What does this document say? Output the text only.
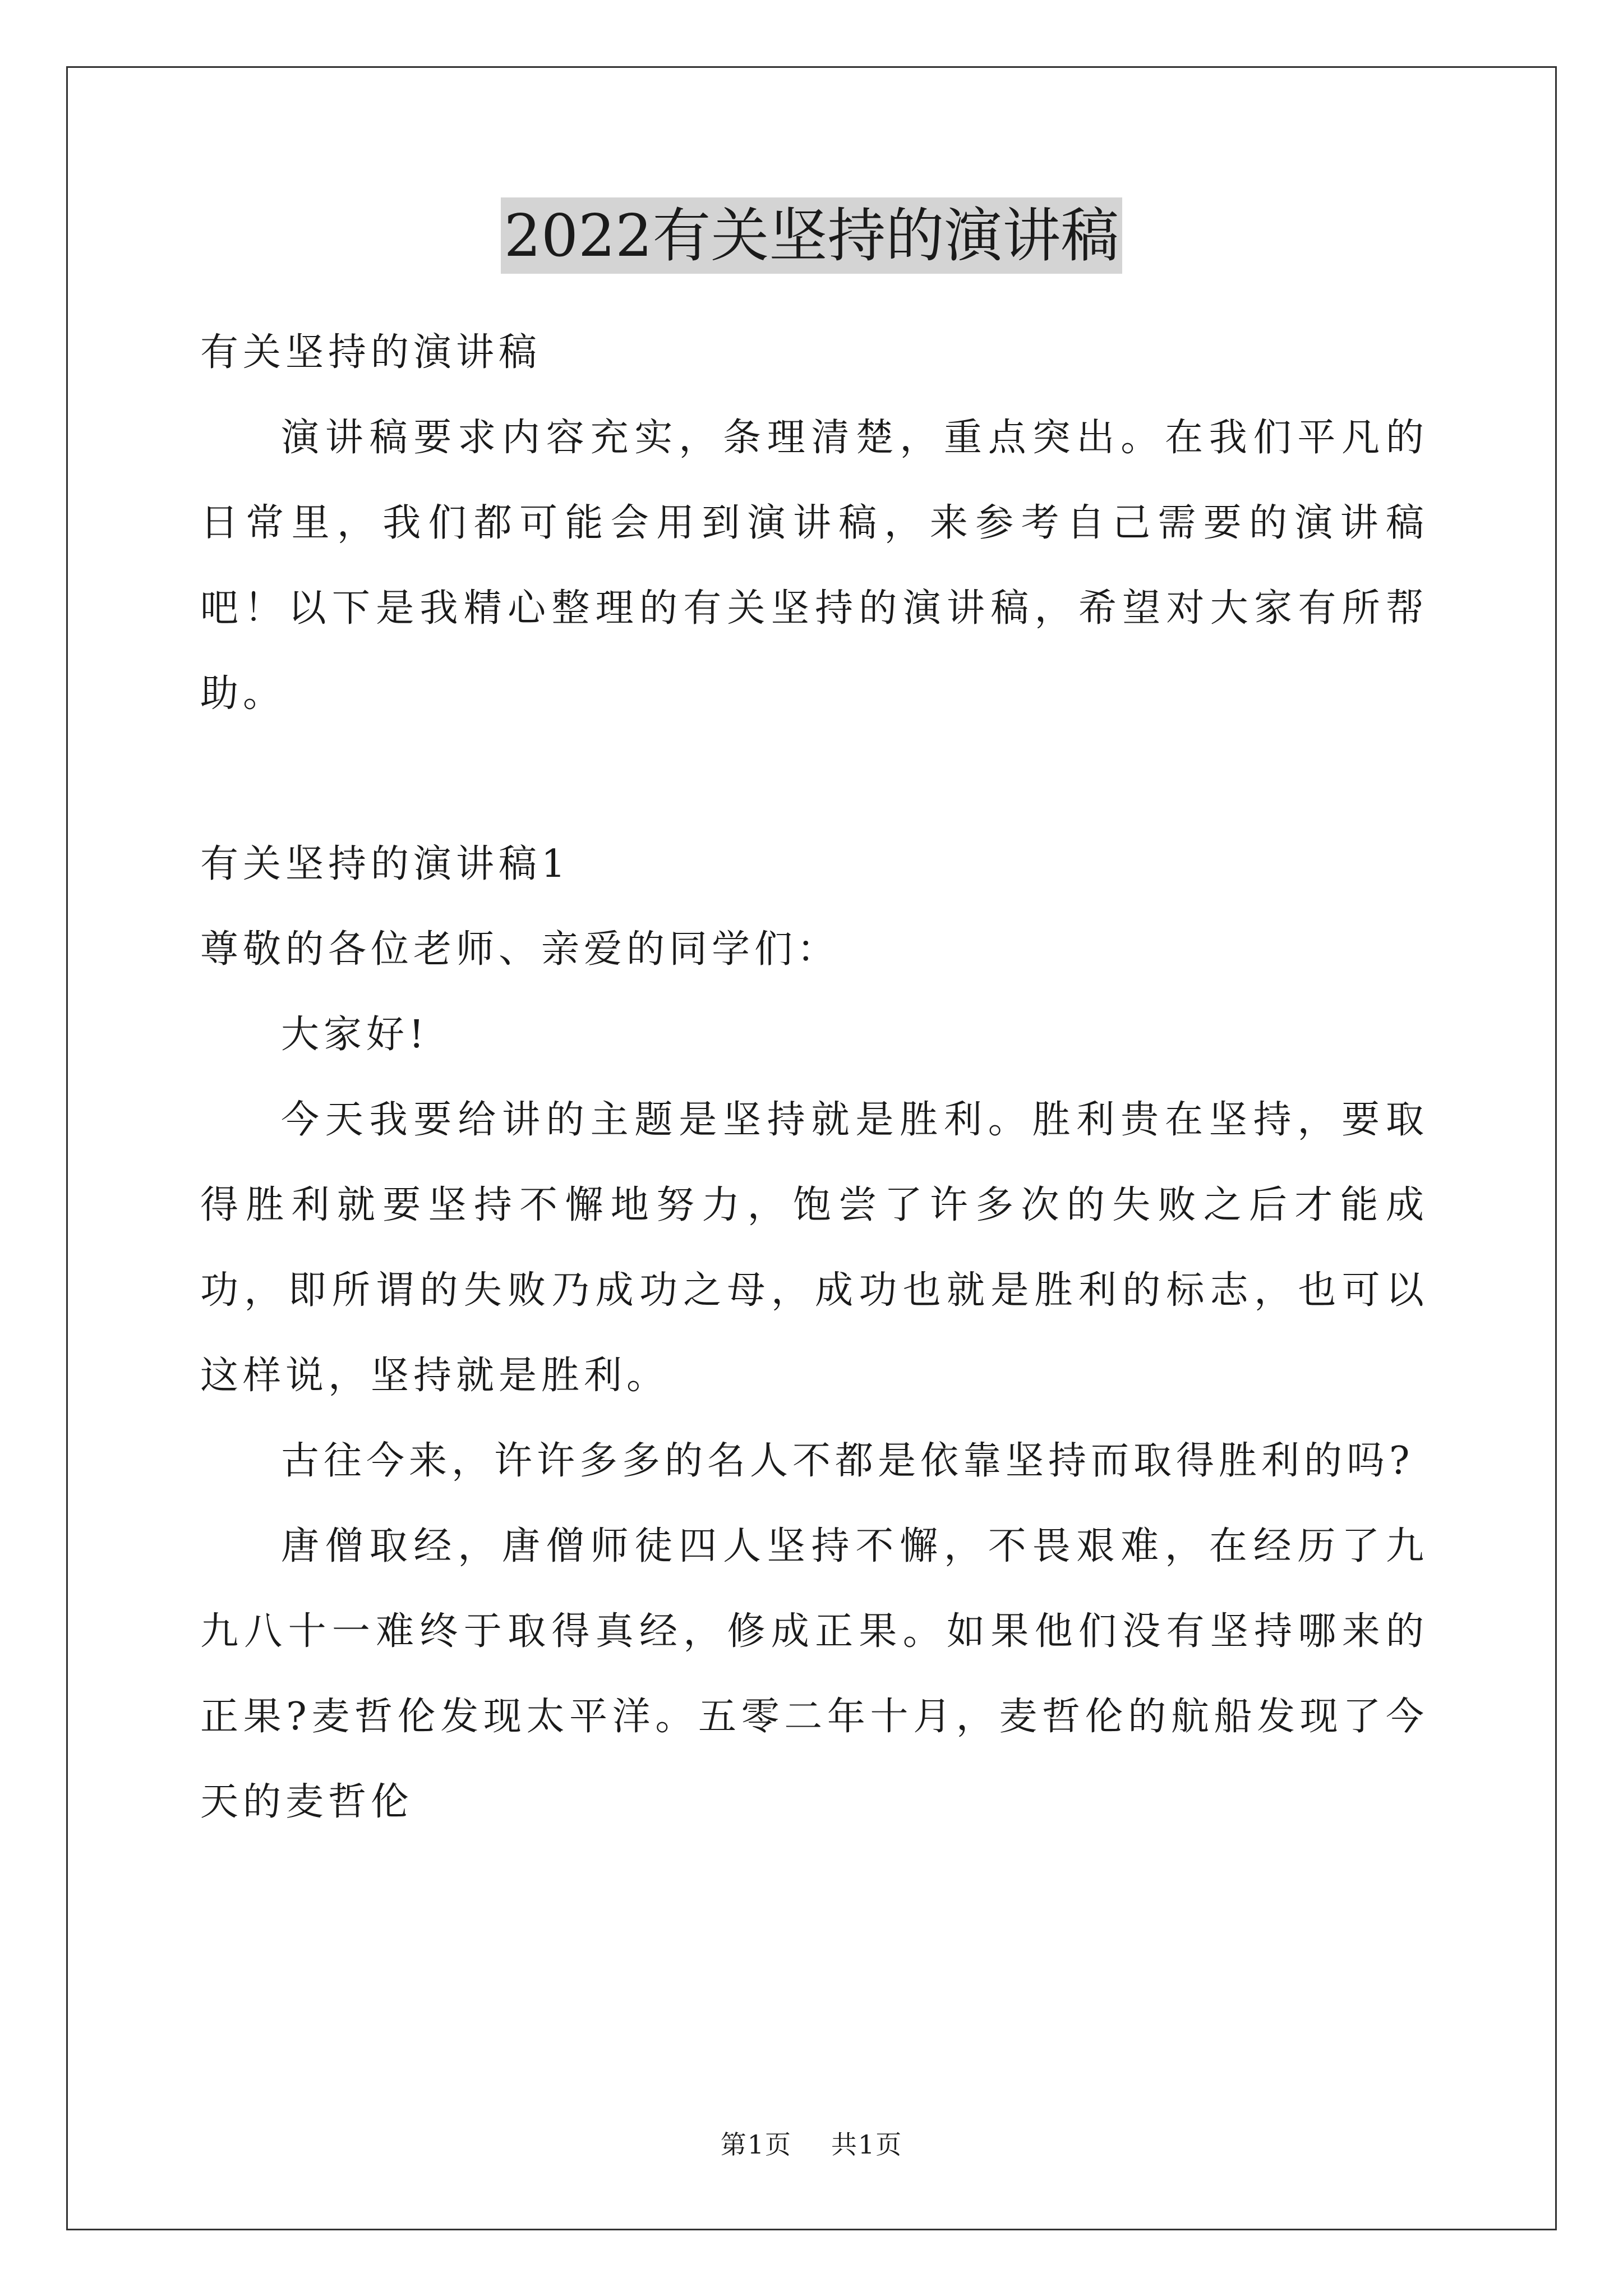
2022有关坚持的演讲稿

有关坚持的演讲稿

演讲稿要求内容充实，条理清楚，重点突出。在我们平凡的日常里，我们都可能会用到演讲稿，来参考自己需要的演讲稿吧！以下是我精心整理的有关坚持的演讲稿，希望对大家有所帮助。

有关坚持的演讲稿1

尊敬的各位老师、亲爱的同学们：

大家好!

今天我要给讲的主题是坚持就是胜利。胜利贵在坚持，要取得胜利就要坚持不懈地努力，饱尝了许多次的失败之后才能成功，即所谓的失败乃成功之母，成功也就是胜利的标志，也可以这样说，坚持就是胜利。

古往今来，许许多多的名人不都是依靠坚持而取得胜利的吗?

唐僧取经，唐僧师徒四人坚持不懈，不畏艰难，在经历了九九八十一难终于取得真经，修成正果。如果他们没有坚持哪来的正果?麦哲伦发现太平洋。五零二年十月，麦哲伦的航船发现了今天的麦哲伦

第1页 共1页
